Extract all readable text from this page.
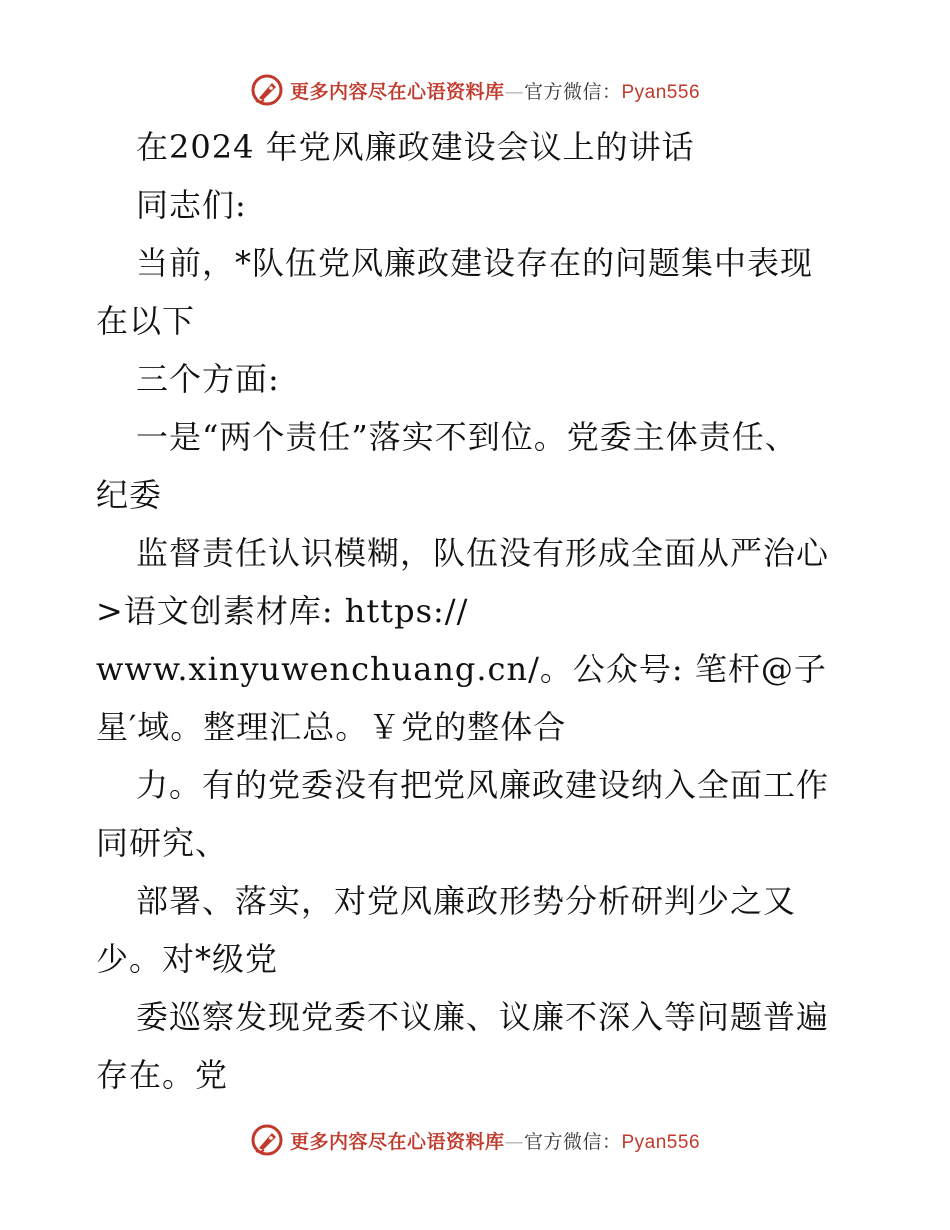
更多内容尽在心语资料库—官方微信：Pyan556

在2024 年党风廉政建设会议上的讲话

同志们:

当前，*队伍党风廉政建设存在的问题集中表现

在以下

三个方面:

一是“两个责任”落实不到位。党委主体责任、

纪委

监督责任认识模糊，队伍没有形成全面从严治心

>语文创素材库: https://

www.xinyuwenchuang.cn/。公众号: 笔杆@子

星′域。整理汇总。￥党的整体合

力。有的党委没有把党风廉政建设纳入全面工作

同研究、

部署、落实，对党风廉政形势分析研判少之又

少。对*级党

委巡察发现党委不议廉、议廉不深入等问题普遍

存在。党

更多内容尽在心语资料库—官方微信：Pyan556
